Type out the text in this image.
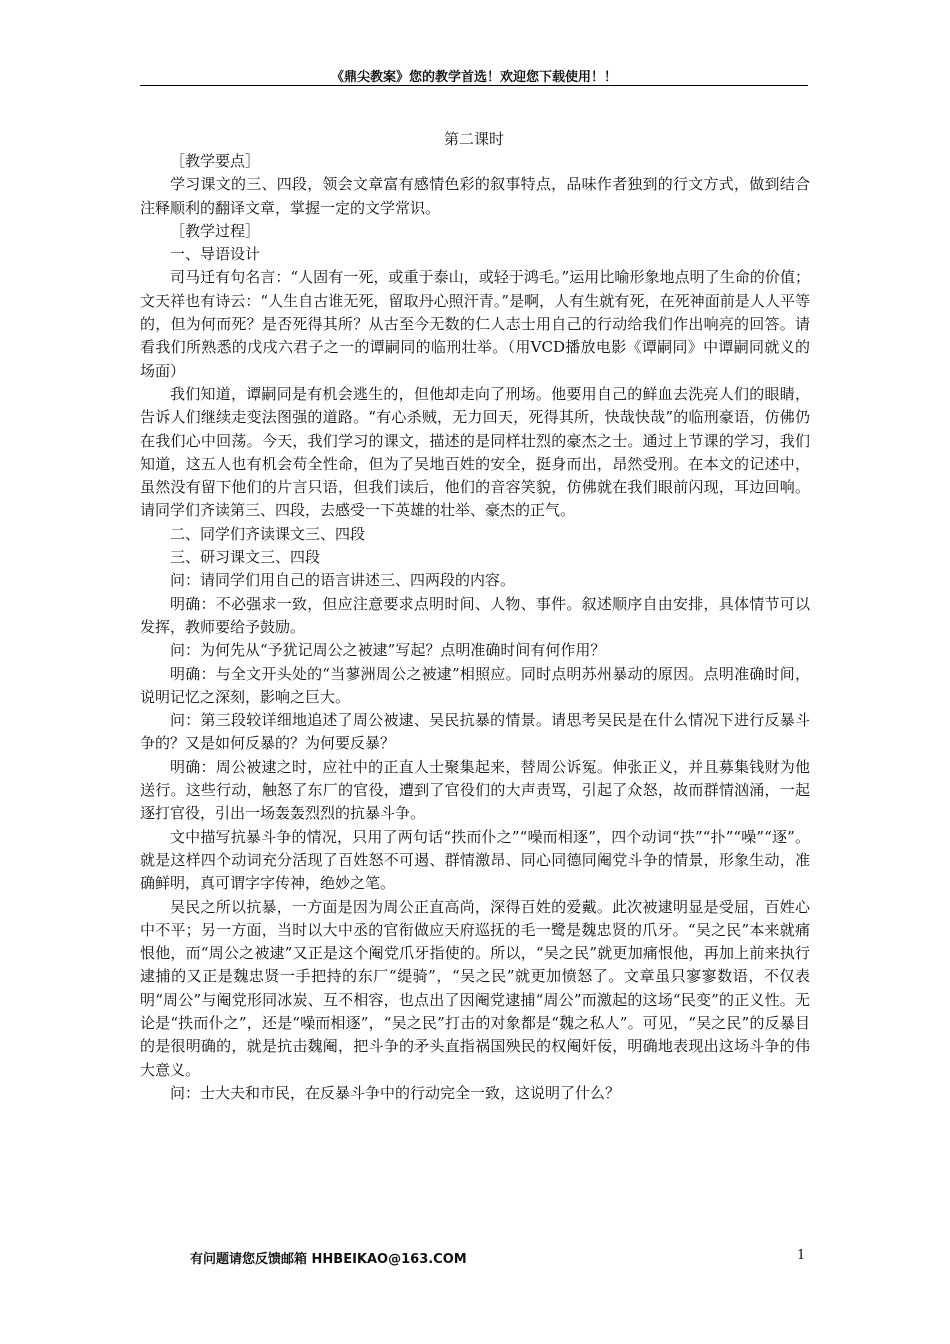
《鼎尖教案》您的教学首选！欢迎您下载使用！！
第二课时

［教学要点］

学习课文的三、四段，领会文章富有感情色彩的叙事特点，品味作者独到的行文方式，做到结合注释顺利的翻译文章，掌握一定的文学常识。

［教学过程］

一、导语设计

司马迁有句名言：“人固有一死，或重于泰山，或轻于鸿毛。”运用比喻形象地点明了生命的价值；文天祥也有诗云：“人生自古谁无死，留取丹心照汗青。”是啊，人有生就有死，在死神面前是人人平等的，但为何而死？是否死得其所？从古至今无数的仁人志士用自己的行动给我们作出响亮的回答。请看我们所熟悉的戊戌六君子之一的谭嗣同的临刑壮举。（用VCD播放电影《谭嗣同》中谭嗣同就义的场面）

我们知道，谭嗣同是有机会逃生的，但他却走向了刑场。他要用自己的鲜血去洗亮人们的眼睛，告诉人们继续走变法图强的道路。“有心杀贼，无力回天，死得其所，快哉快哉”的临刑豪语，仿佛仍在我们心中回荡。今天，我们学习的课文，描述的是同样壮烈的豪杰之士。通过上节课的学习，我们知道，这五人也有机会苟全性命，但为了吴地百姓的安全，挺身而出，昂然受刑。在本文的记述中，虽然没有留下他们的片言只语，但我们读后，他们的音容笑貌，仿佛就在我们眼前闪现，耳边回响。请同学们齐读第三、四段，去感受一下英雄的壮举、豪杰的正气。

二、同学们齐读课文三、四段

三、研习课文三、四段

问：请同学们用自己的语言讲述三、四两段的内容。

明确：不必强求一致，但应注意要求点明时间、人物、事件。叙述顺序自由安排，具体情节可以发挥，教师要给予鼓励。

问：为何先从“予犹记周公之被逮”写起？点明准确时间有何作用？

明确：与全文开头处的“当蓼洲周公之被逮”相照应。同时点明苏州暴动的原因。点明准确时间，说明记忆之深刻，影响之巨大。

问：第三段较详细地追述了周公被逮、吴民抗暴的情景。请思考吴民是在什么情况下进行反暴斗争的？又是如何反暴的？为何要反暴？

明确：周公被逮之时，应社中的正直人士聚集起来，替周公诉冤。伸张正义，并且募集钱财为他送行。这些行动，触怒了东厂的官役，遭到了官役们的大声责骂，引起了众怒，故而群情汹涌，一起逐打官役，引出一场轰轰烈烈的抗暴斗争。

文中描写抗暴斗争的情况，只用了两句话“抶而仆之”“噪而相逐”，四个动词“抶”“扑”“噪”“逐”。就是这样四个动词充分活现了百姓怒不可遏、群情激昂、同心同德同阉党斗争的情景，形象生动，准确鲜明，真可谓字字传神，绝妙之笔。

吴民之所以抗暴，一方面是因为周公正直高尚，深得百姓的爱戴。此次被逮明显是受屈，百姓心中不平；另一方面，当时以大中丞的官衔做应天府巡抚的毛一鹭是魏忠贤的爪牙。“吴之民”本来就痛恨他，而“周公之被逮”又正是这个阉党爪牙指使的。所以，“吴之民”就更加痛恨他，再加上前来执行逮捕的又正是魏忠贤一手把持的东厂“缇骑”，“吴之民”就更加愤怒了。文章虽只寥寥数语，不仅表明“周公”与阉党形同冰炭、互不相容，也点出了因阉党逮捕“周公”而激起的这场“民变”的正义性。无论是“抶而仆之”，还是“噪而相逐”，“吴之民”打击的对象都是“魏之私人”。可见，“吴之民”的反暴目的是很明确的，就是抗击魏阉，把斗争的矛头直指祸国殃民的权阉奸佞，明确地表现出这场斗争的伟大意义。

问：士大夫和市民，在反暴斗争中的行动完全一致，这说明了什么？

有问题请您反馈邮箱 HHBEIKAO@163.COM	1
